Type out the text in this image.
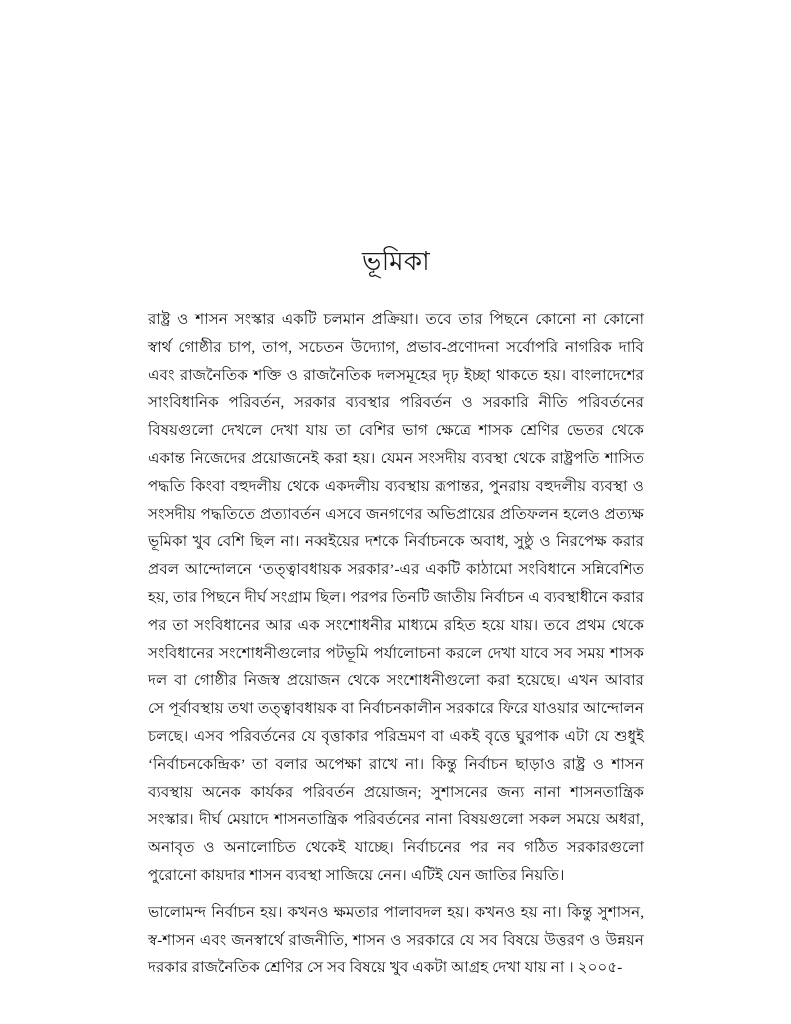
ভূমিকা

রাষ্ট্র ও শাসন সংস্কার একটি চলমান প্রক্রিয়া। তবে তার পিছনে কোনো না কোনো
স্বার্থ গোষ্ঠীর চাপ, তাপ, সচেতন উদ্যোগ, প্রভাব-প্রণোদনা সর্বোপরি নাগরিক দাবি
এবং রাজনৈতিক শক্তি ও রাজনৈতিক দলসমূহের দৃঢ় ইচ্ছা থাকতে হয়। বাংলাদেশের
সাংবিধানিক পরিবর্তন, সরকার ব্যবস্থার পরিবর্তন ও সরকারি নীতি পরিবর্তনের
বিষয়গুলো দেখলে দেখা যায় তা বেশির ভাগ ক্ষেত্রে শাসক শ্রেণির ভেতর থেকে
একান্ত নিজেদের প্রয়োজনেই করা হয়। যেমন সংসদীয় ব্যবস্থা থেকে রাষ্ট্রপতি শাসিত
পদ্ধতি কিংবা বহুদলীয় থেকে একদলীয় ব্যবস্থায় রূপান্তর, পুনরায় বহুদলীয় ব্যবস্থা ও
সংসদীয় পদ্ধতিতে প্রত্যাবর্তন এসবে জনগণের অভিপ্রায়ের প্রতিফলন হলেও প্রত্যক্ষ
ভূমিকা খুব বেশি ছিল না। নব্বইয়ের দশকে নির্বাচনকে অবাধ, সুষ্ঠু ও নিরপেক্ষ করার
প্রবল আন্দোলনে ‘তত্ত্বাবধায়ক সরকার’-এর একটি কাঠামো সংবিধানে সন্নিবেশিত
হয়, তার পিছনে দীর্ঘ সংগ্রাম ছিল। পরপর তিনটি জাতীয় নির্বাচন এ ব্যবস্থাধীনে করার
পর তা সংবিধানের আর এক সংশোধনীর মাধ্যমে রহিত হয়ে যায়। তবে প্রথম থেকে
সংবিধানের সংশোধনীগুলোর পটভূমি পর্যালোচনা করলে দেখা যাবে সব সময় শাসক
দল বা গোষ্ঠীর নিজস্ব প্রয়োজন থেকে সংশোধনীগুলো করা হয়েছে। এখন আবার
সে পূর্বাবস্থায় তথা তত্ত্বাবধায়ক বা নির্বাচনকালীন সরকারে ফিরে যাওয়ার আন্দোলন
চলছে। এসব পরিবর্তনের যে বৃত্তাকার পরিভ্রমণ বা একই বৃত্তে ঘুরপাক এটা যে শুধুই
‘নির্বাচনকেন্দ্রিক’ তা বলার অপেক্ষা রাখে না। কিন্তু নির্বাচন ছাড়াও রাষ্ট্র ও শাসন
ব্যবস্থায় অনেক কার্যকর পরিবর্তন প্রয়োজন; সুশাসনের জন্য নানা শাসনতান্ত্রিক
সংস্কার। দীর্ঘ মেয়াদে শাসনতান্ত্রিক পরিবর্তনের নানা বিষয়গুলো সকল সময়ে অধরা,
অনাবৃত ও অনালোচিত থেকেই যাচ্ছে। নির্বাচনের পর নব গঠিত সরকারগুলো
পুরোনো কায়দার শাসন ব্যবস্থা সাজিয়ে নেন। এটিই যেন জাতির নিয়তি।

ভালোমন্দ নির্বাচন হয়। কখনও ক্ষমতার পালাবদল হয়। কখনও হয় না। কিন্তু সুশাসন,
স্ব-শাসন এবং জনস্বার্থে রাজনীতি, শাসন ও সরকারে যে সব বিষয়ে উত্তরণ ও উন্নয়ন
দরকার রাজনৈতিক শ্রেণির সে সব বিষয়ে খুব একটা আগ্রহ দেখা যায় না । ২০০৫-
